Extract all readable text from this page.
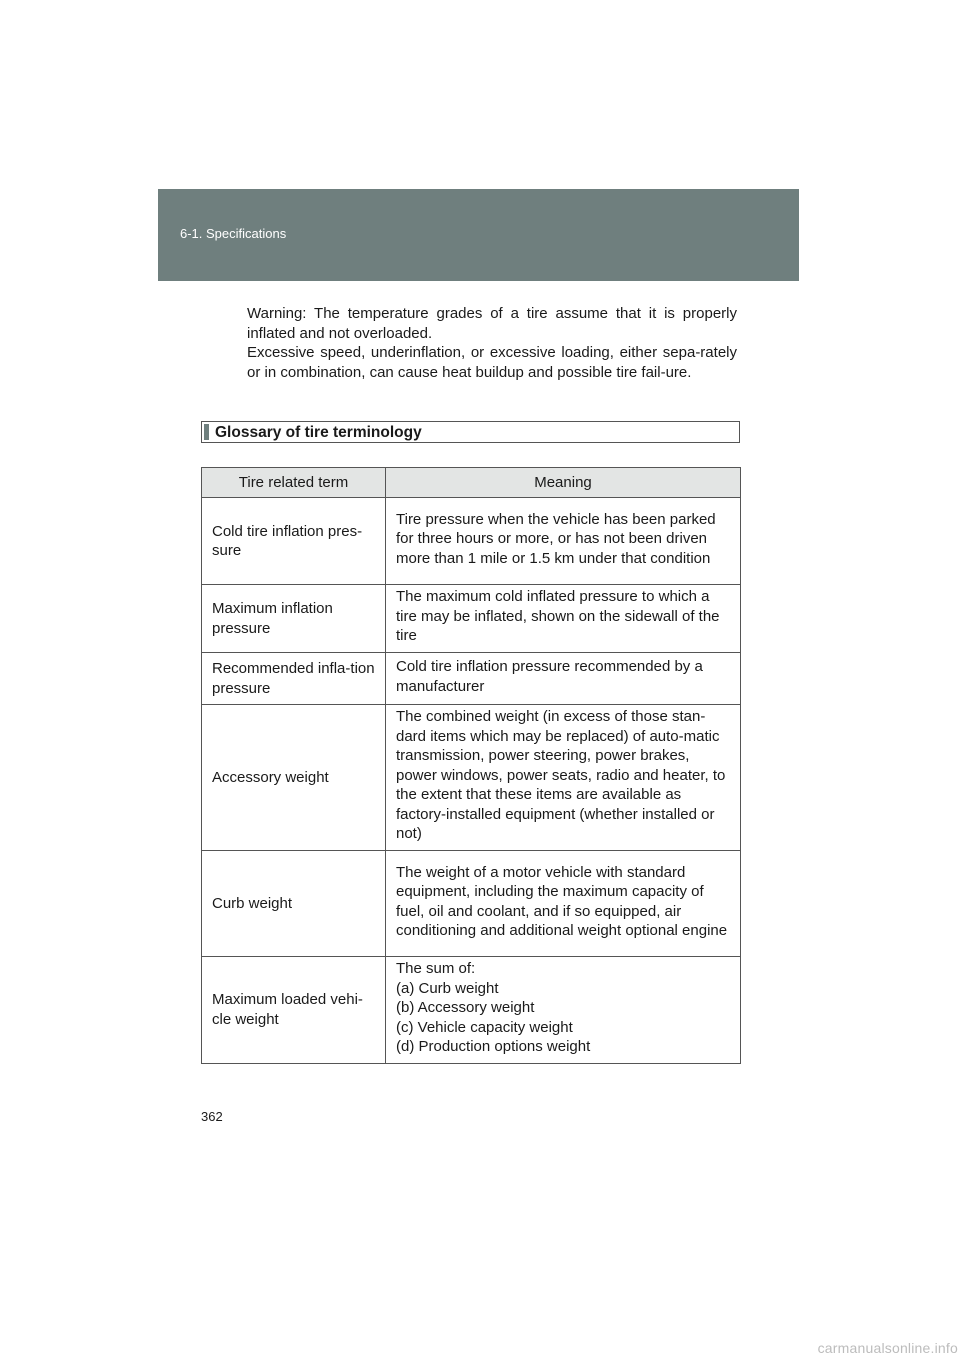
6-1. Specifications

Warning: The temperature grades of a tire assume that it is properly inflated and not overloaded.

Excessive speed, underinflation, or excessive loading, either sepa-rately or in combination, can cause heat buildup and possible tire fail-ure.

Glossary of tire terminology
Tire related term	Meaning
Cold tire inflation pres-sure	Tire pressure when the vehicle has been parked for three hours or more, or has not been driven more than 1 mile or 1.5 km under that condition
Maximum inflation pressure	The maximum cold inflated pressure to which a tire may be inflated, shown on the sidewall of the tire
Recommended infla-tion pressure	Cold tire inflation pressure recommended by a manufacturer
Accessory weight	The combined weight (in excess of those stan-dard items which may be replaced) of auto-matic transmission, power steering, power brakes, power windows, power seats, radio and heater, to the extent that these items are available as factory-installed equipment (whether installed or not)
Curb weight	The weight of a motor vehicle with standard equipment, including the maximum capacity of fuel, oil and coolant, and if so equipped, air conditioning and additional weight optional engine
Maximum loaded vehi-cle weight	The sum of:
(a) Curb weight
(b) Accessory weight
(c) Vehicle capacity weight
(d) Production options weight
362
carmanualsonline.info
